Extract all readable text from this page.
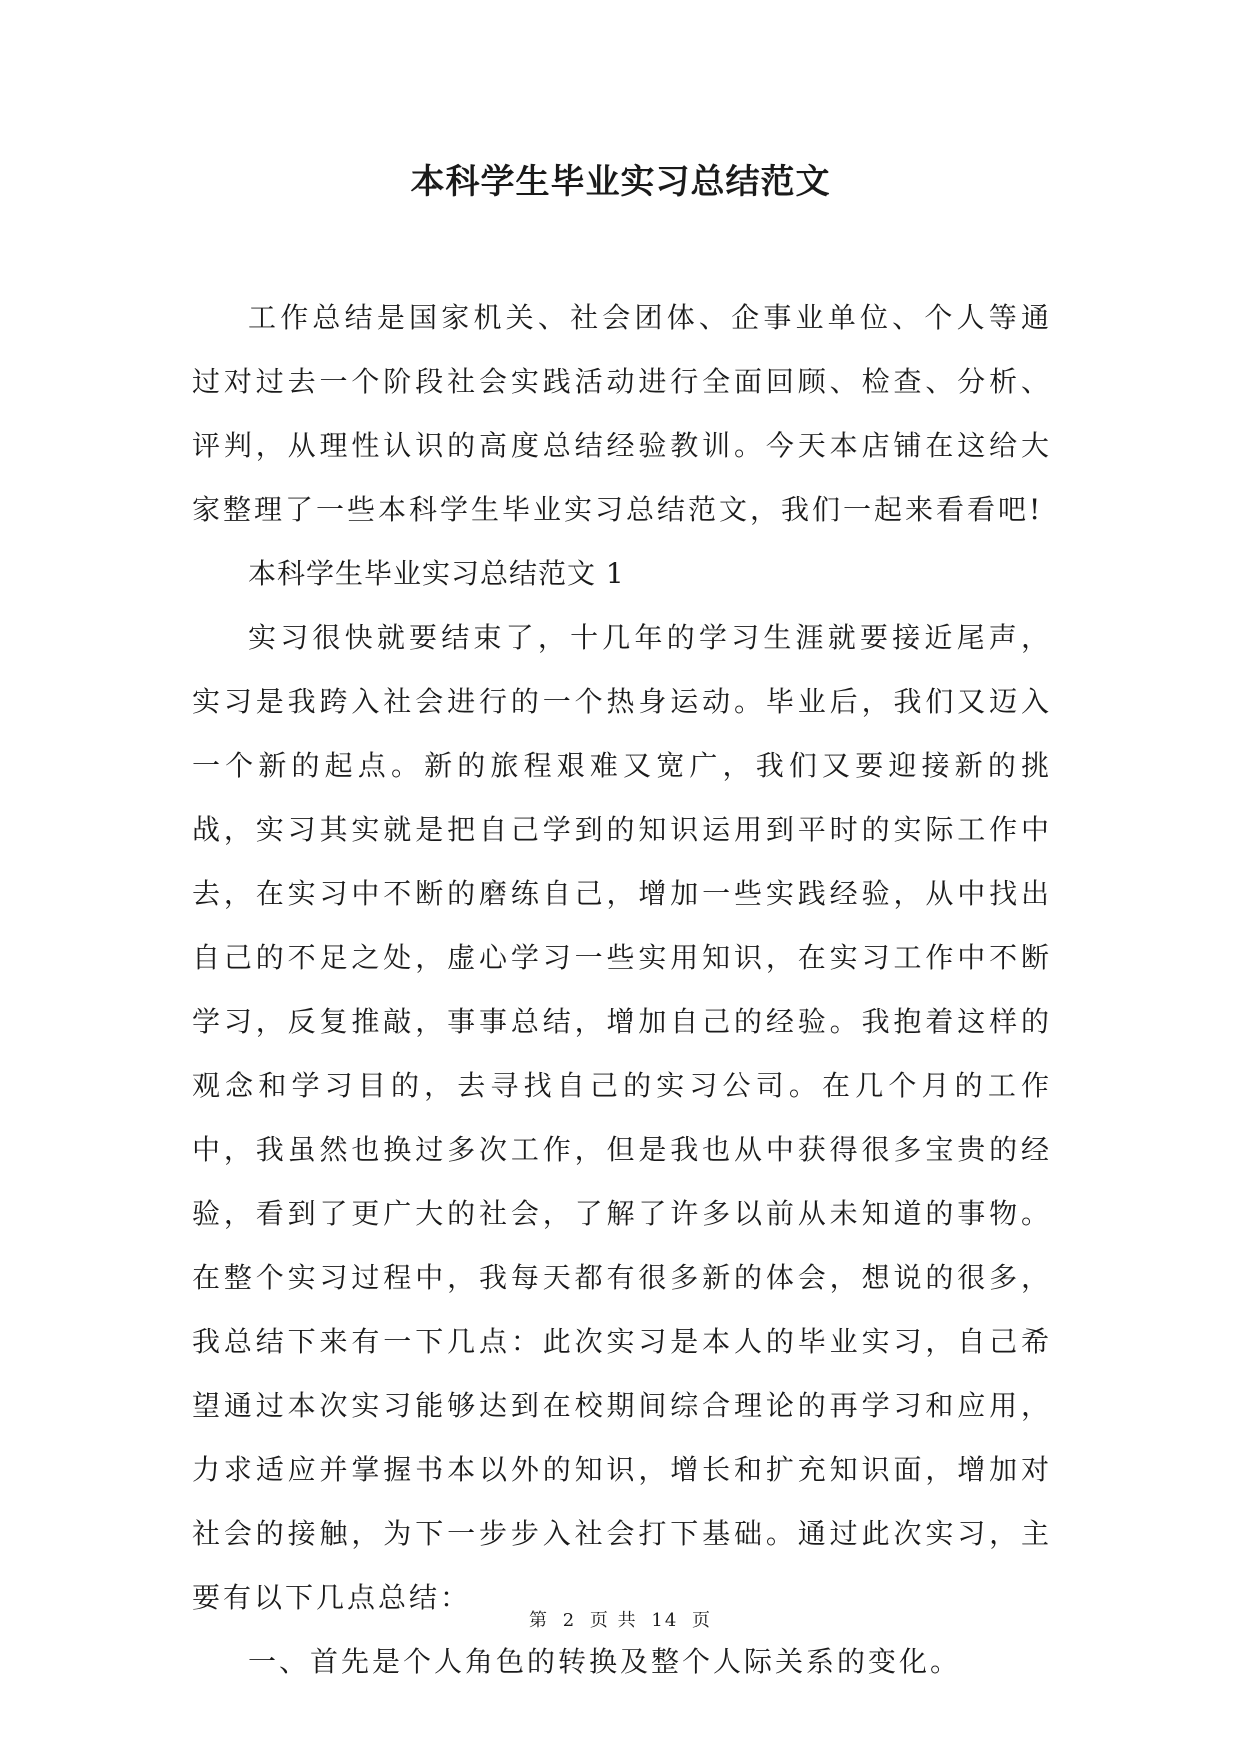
本科学生毕业实习总结范文

工作总结是国家机关、社会团体、企事业单位、个人等通过对过去一个阶段社会实践活动进行全面回顾、检查、分析、评判，从理性认识的高度总结经验教训。今天本店铺在这给大家整理了一些本科学生毕业实习总结范文，我们一起来看看吧!

本科学生毕业实习总结范文 1

实习很快就要结束了，十几年的学习生涯就要接近尾声，实习是我跨入社会进行的一个热身运动。毕业后，我们又迈入一个新的起点。新的旅程艰难又宽广，我们又要迎接新的挑战，实习其实就是把自己学到的知识运用到平时的实际工作中去，在实习中不断的磨练自己，增加一些实践经验，从中找出自己的不足之处，虚心学习一些实用知识，在实习工作中不断学习，反复推敲，事事总结，增加自己的经验。我抱着这样的观念和学习目的，去寻找自己的实习公司。在几个月的工作中，我虽然也换过多次工作，但是我也从中获得很多宝贵的经验，看到了更广大的社会，了解了许多以前从未知道的事物。在整个实习过程中，我每天都有很多新的体会，想说的很多，我总结下来有一下几点：此次实习是本人的毕业实习，自己希望通过本次实习能够达到在校期间综合理论的再学习和应用，力求适应并掌握书本以外的知识，增长和扩充知识面，增加对社会的接触，为下一步步入社会打下基础。通过此次实习，主要有以下几点总结：

一、首先是个人角色的转换及整个人际关系的变化。

第 2 页 共 14 页
